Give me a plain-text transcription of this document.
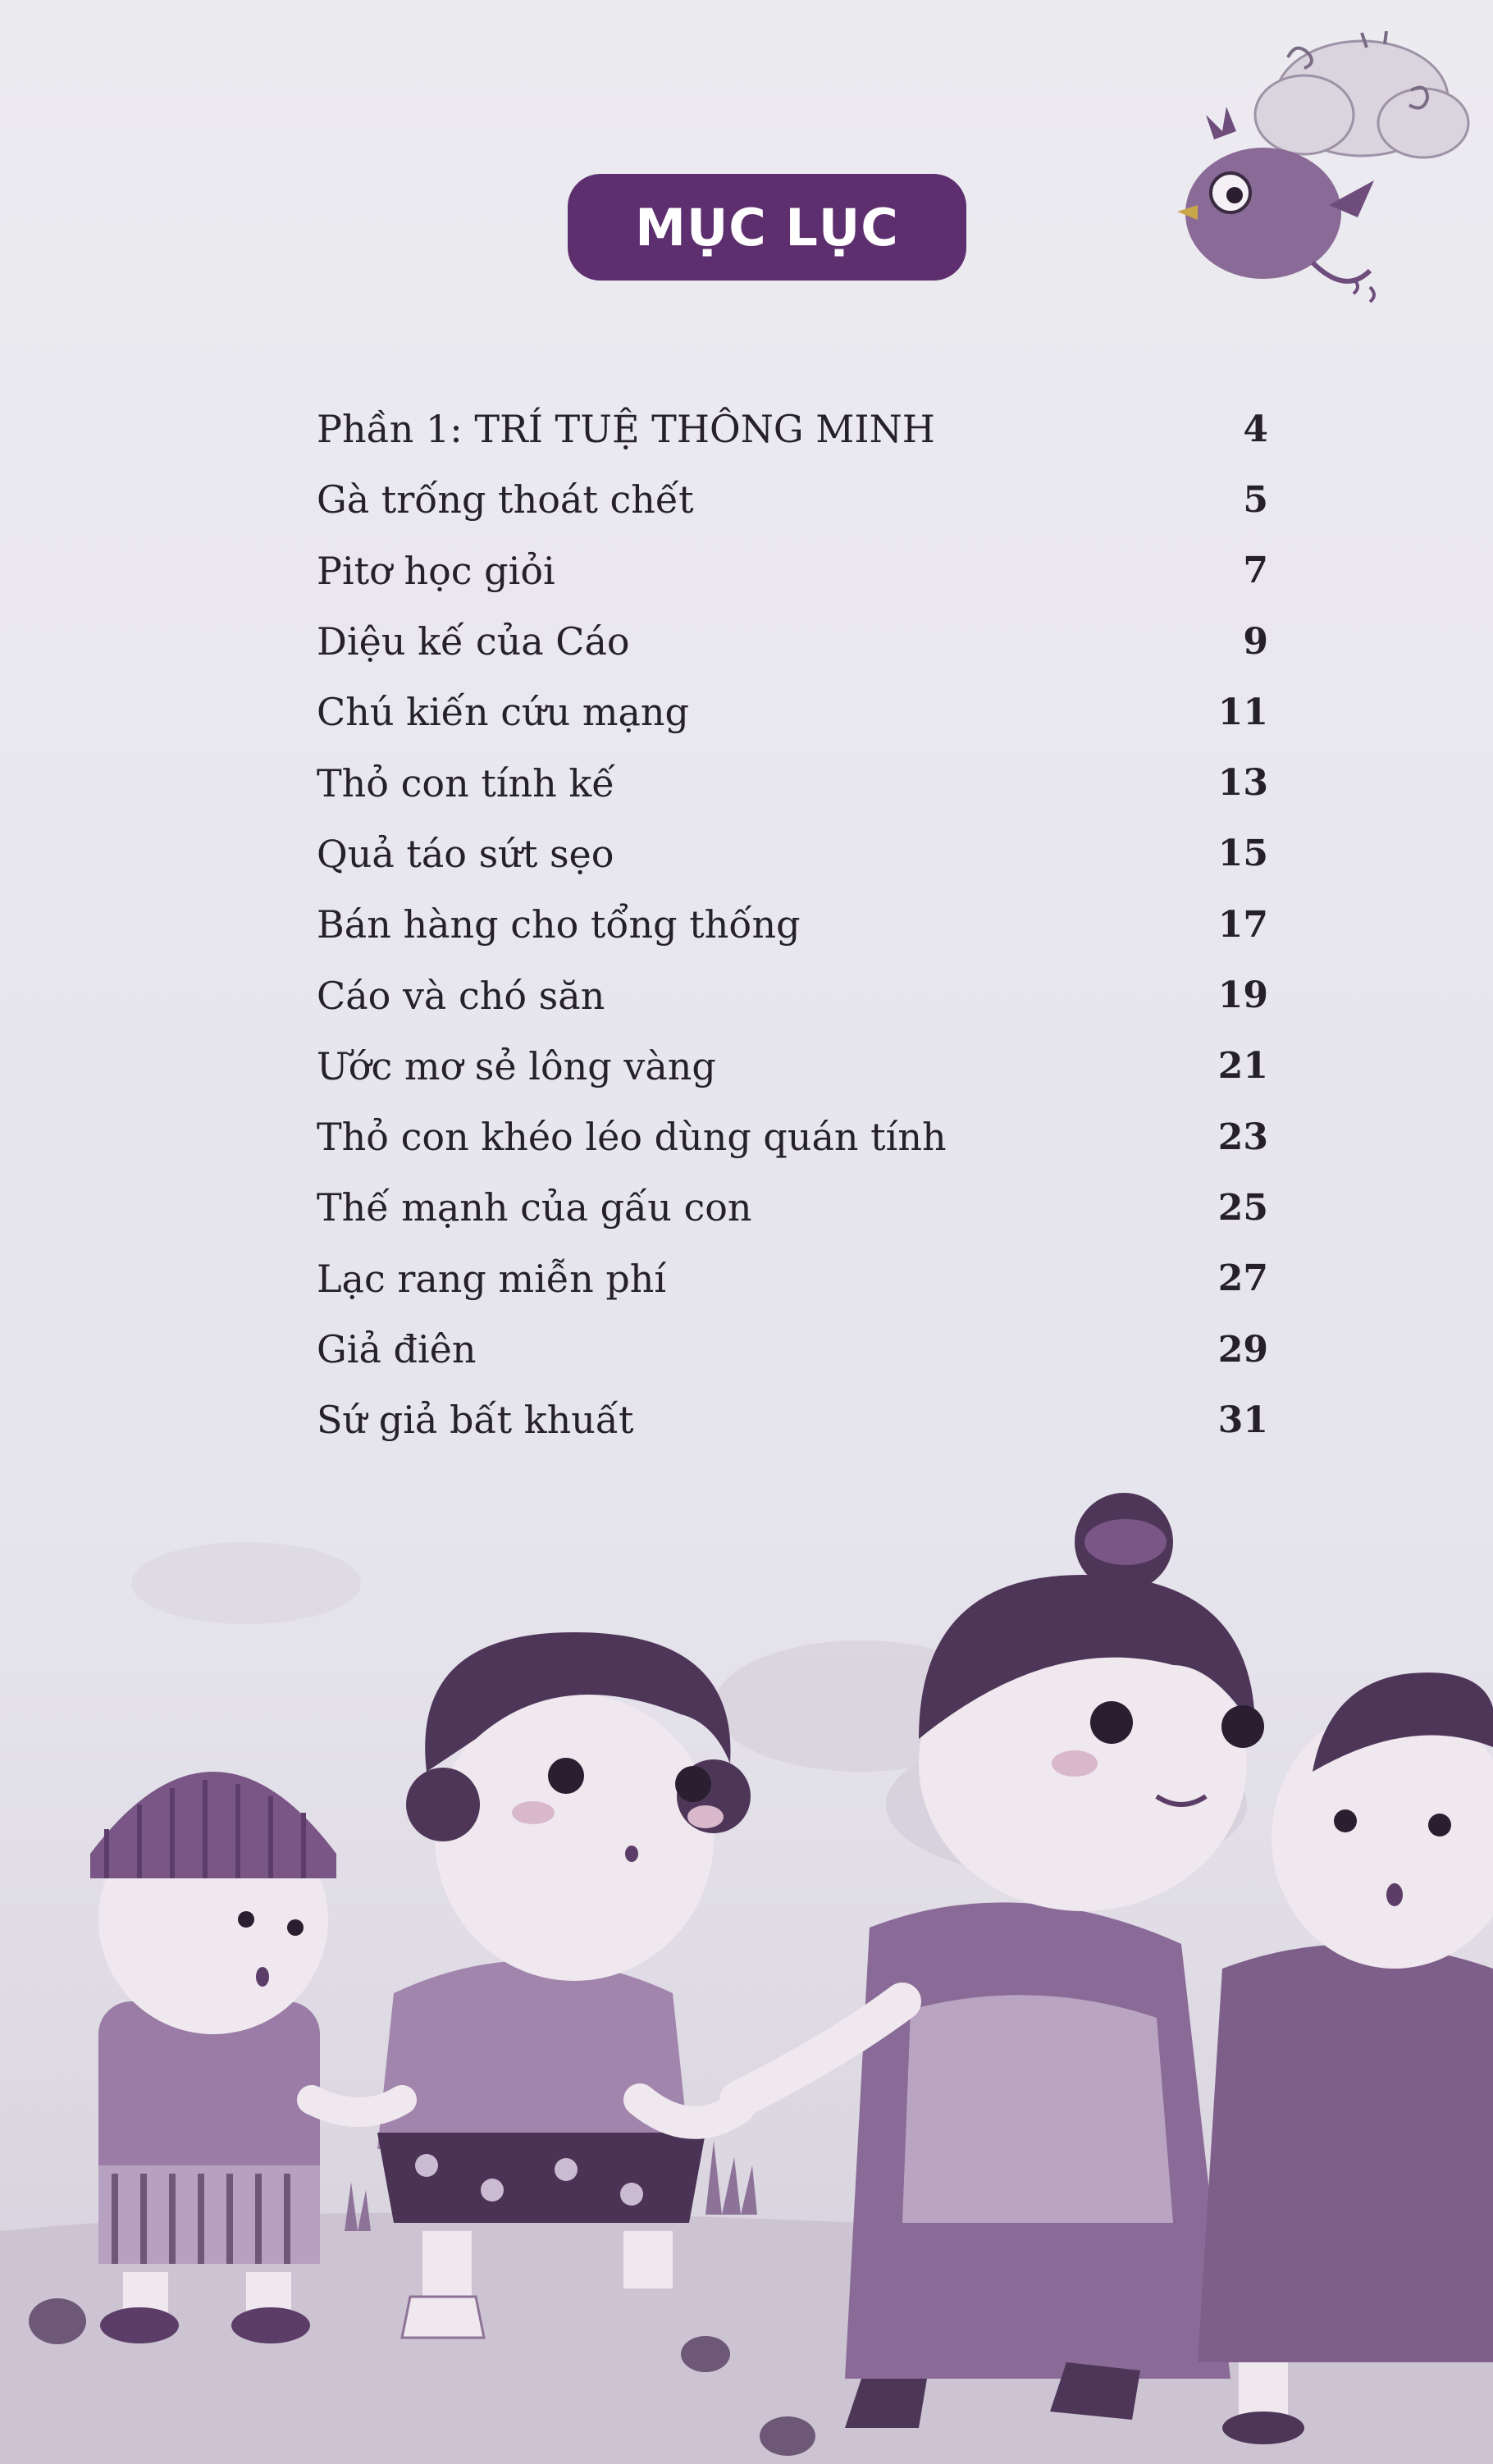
MỤC LỤC
Phần 1: TRÍ TUỆ THÔNG MINH	4
Gà trống thoát chết	5
Pitơ học giỏi	7
Diệu kế của Cáo	9
Chú kiến cứu mạng	11
Thỏ con tính kế	13
Quả táo sứt sẹo	15
Bán hàng cho tổng thống	17
Cáo và chó săn	19
Ước mơ sẻ lông vàng	21
Thỏ con khéo léo dùng quán tính	23
Thế mạnh của gấu con	25
Lạc rang miễn phí	27
Giả điên	29
Sứ giả bất khuất	31
